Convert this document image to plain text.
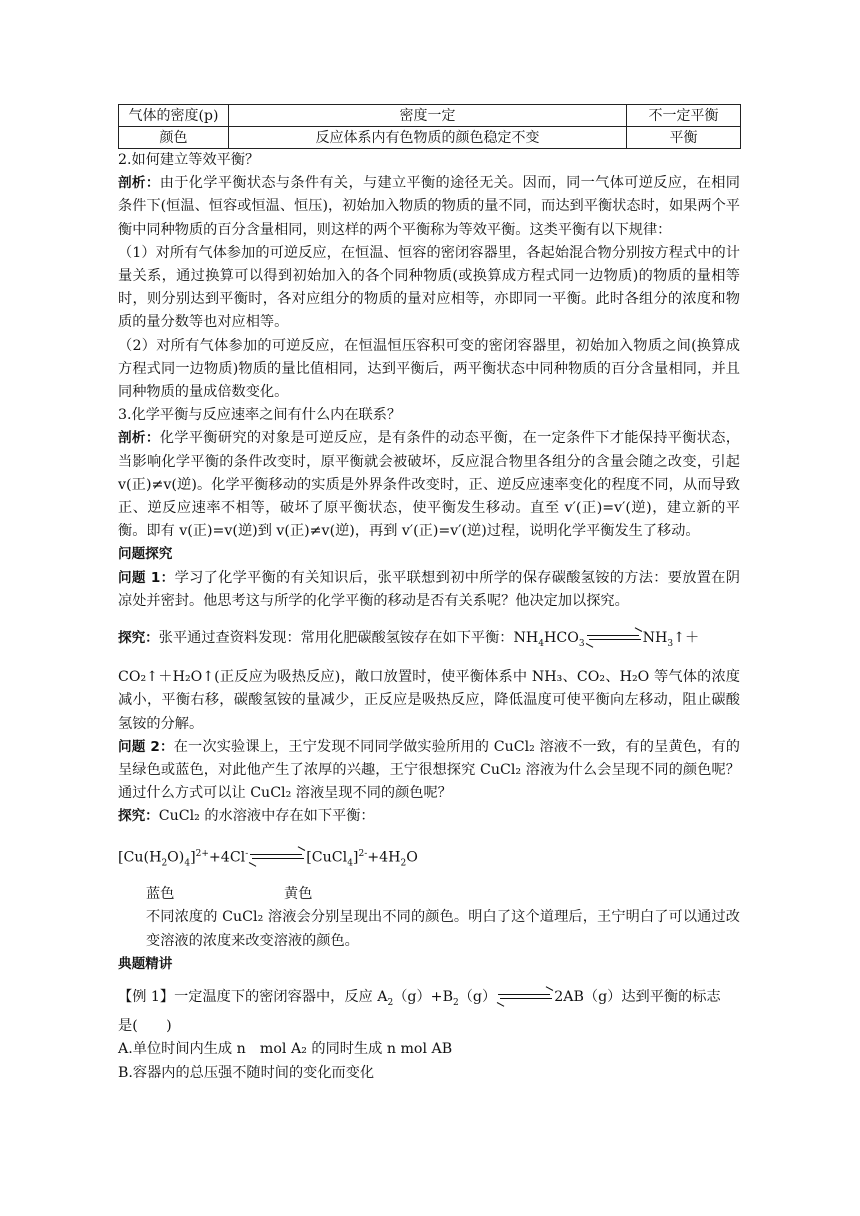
气体的密度(p)	密度一定	不一定平衡
颜色	反应体系内有色物质的颜色稳定不变	平衡

2.如何建立等效平衡？

剖析：由于化学平衡状态与条件有关，与建立平衡的途径无关。因而，同一气体可逆反应，在相同条件下(恒温、恒容或恒温、恒压)，初始加入物质的物质的量不同，而达到平衡状态时，如果两个平衡中同种物质的百分含量相同，则这样的两个平衡称为等效平衡。这类平衡有以下规律：

（1）对所有气体参加的可逆反应，在恒温、恒容的密闭容器里，各起始混合物分别按方程式中的计量关系，通过换算可以得到初始加入的各个同种物质(或换算成方程式同一边物质)的物质的量相等时，则分别达到平衡时，各对应组分的物质的量对应相等，亦即同一平衡。此时各组分的浓度和物质的量分数等也对应相等。

（2）对所有气体参加的可逆反应，在恒温恒压容积可变的密闭容器里，初始加入物质之间(换算成方程式同一边物质)物质的量比值相同，达到平衡后，两平衡状态中同种物质的百分含量相同，并且同种物质的量成倍数变化。

3.化学平衡与反应速率之间有什么内在联系？

剖析：化学平衡研究的对象是可逆反应，是有条件的动态平衡，在一定条件下才能保持平衡状态，当影响化学平衡的条件改变时，原平衡就会被破坏，反应混合物里各组分的含量会随之改变，引起 v(正)≠v(逆)。化学平衡移动的实质是外界条件改变时，正、逆反应速率变化的程度不同，从而导致正、逆反应速率不相等，破坏了原平衡状态，使平衡发生移动。直至 v′(正)=v′(逆)，建立新的平衡。即有 v(正)=v(逆)到 v(正)≠v(逆)，再到 v′(正)=v′(逆)过程，说明化学平衡发生了移动。

问题探究

问题 1：学习了化学平衡的有关知识后，张平联想到初中所学的保存碳酸氢铵的方法：要放置在阴凉处并密封。他思考这与所学的化学平衡的移动是否有关系呢？他决定加以探究。

探究：张平通过查资料发现：常用化肥碳酸氢铵存在如下平衡：$NH_4HCO_3$	$NH_3↑+$

CO₂↑＋H₂O↑(正反应为吸热反应)，敞口放置时，使平衡体系中 NH₃、CO₂、H₂O 等气体的浓度减小，平衡右移，碳酸氢铵的量减少，正反应是吸热反应，降低温度可使平衡向左移动，阻止碳酸氢铵的分解。

问题 2：在一次实验课上，王宁发现不同同学做实验所用的 CuCl₂ 溶液不一致，有的呈黄色，有的呈绿色或蓝色，对此他产生了浓厚的兴趣，王宁很想探究 CuCl₂ 溶液为什么会呈现不同的颜色呢？通过什么方式可以让 CuCl₂ 溶液呈现不同的颜色呢？

探究：CuCl₂ 的水溶液中存在如下平衡：

$[Cu(H_2O)_4]^{2+}+4Cl^-$	$[CuCl_4]^{2-}+4H_2O$

蓝色	黄色

不同浓度的 CuCl₂ 溶液会分别呈现出不同的颜色。明白了这个道理后，王宁明白了可以通过改变溶液的浓度来改变溶液的颜色。

典题精讲

【例 1】一定温度下的密闭容器中，反应 $A_2(g)+B_2(g)$	2AB（g）达到平衡的标志

是(　　)

A.单位时间内生成 n　mol A₂ 的同时生成 n mol AB

B.容器内的总压强不随时间的变化而变化
